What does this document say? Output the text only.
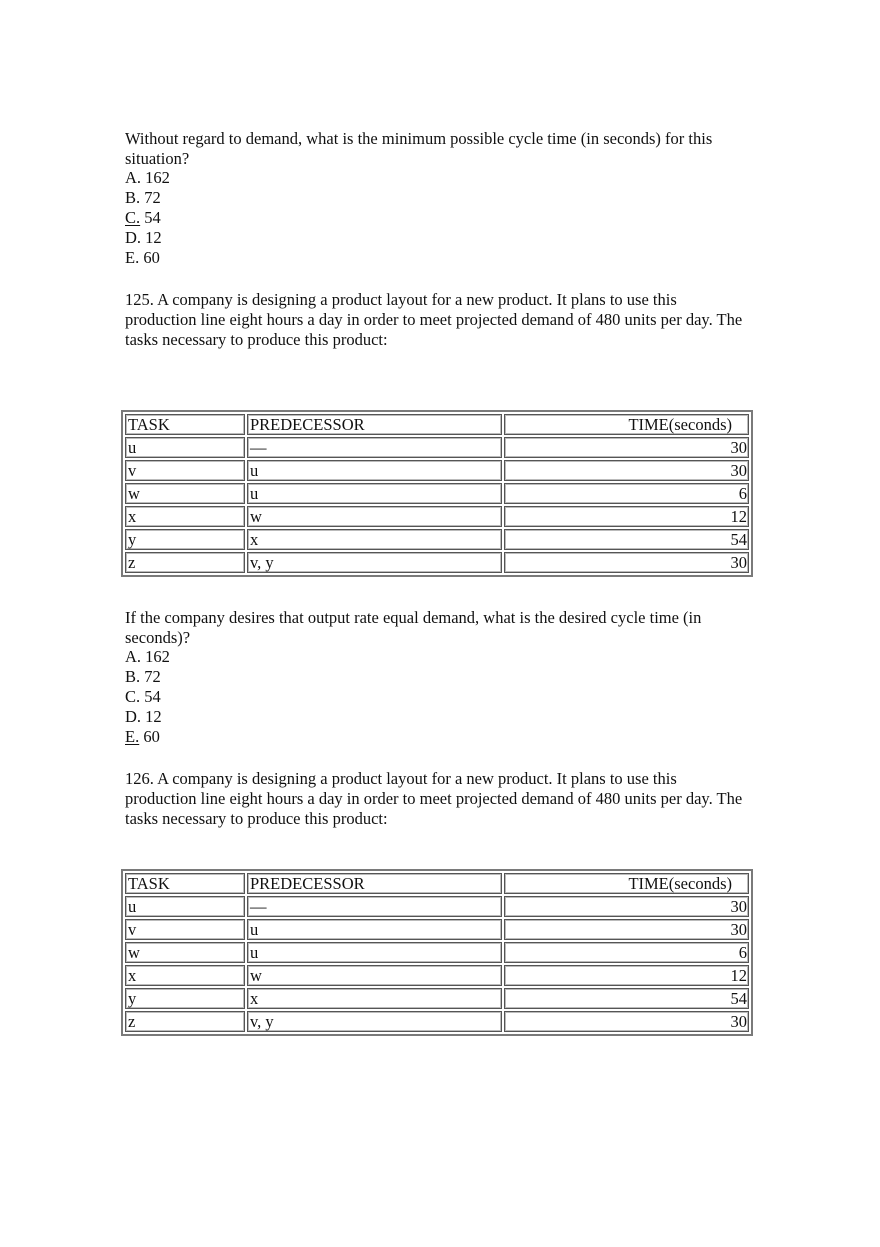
Without regard to demand, what is the minimum possible cycle time (in seconds) for this
situation?
A. 162
B. 72
C. 54
D. 12
E. 60
125. A company is designing a product layout for a new product. It plans to use this
production line eight hours a day in order to meet projected demand of 480 units per day. The
tasks necessary to produce this product:
TASK	PREDECESSOR	TIME(seconds)
u	—	30
v	u	30
w	u	6
x	w	12
y	x	54
z	v, y	30
If the company desires that output rate equal demand, what is the desired cycle time (in
seconds)?
A. 162
B. 72
C. 54
D. 12
E. 60
126. A company is designing a product layout for a new product. It plans to use this
production line eight hours a day in order to meet projected demand of 480 units per day. The
tasks necessary to produce this product:
TASK	PREDECESSOR	TIME(seconds)
u	—	30
v	u	30
w	u	6
x	w	12
y	x	54
z	v, y	30
